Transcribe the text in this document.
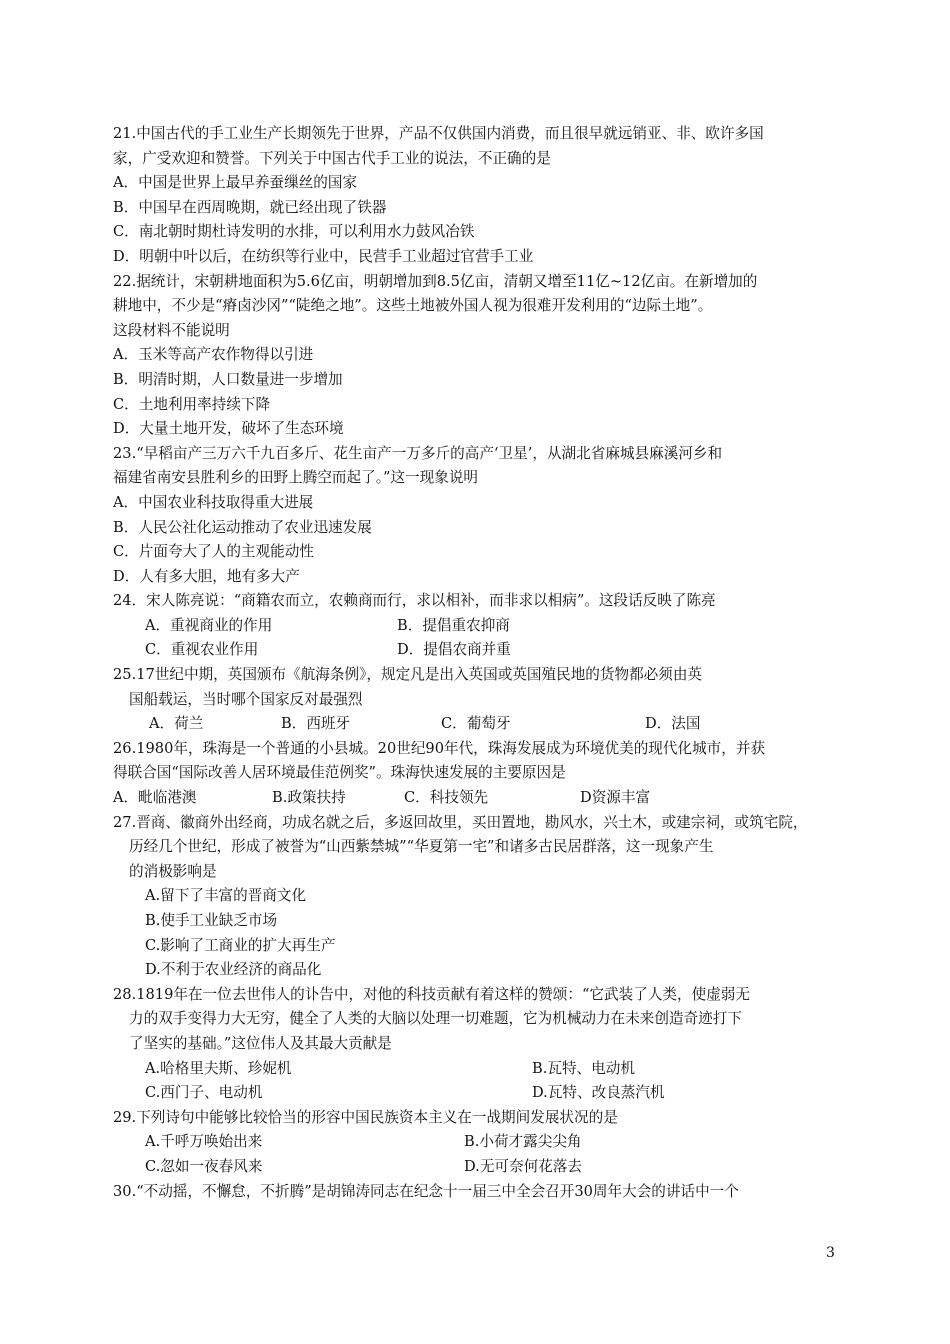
21.中国古代的手工业生产长期领先于世界，产品不仅供国内消费，而且很早就远销亚、非、欧许多国
家，广受欢迎和赞誉。下列关于中国古代手工业的说法，不正确的是
A．中国是世界上最早养蚕缫丝的国家
B．中国早在西周晚期，就已经出现了铁器
C．南北朝时期杜诗发明的水排，可以利用水力鼓风冶铁
D．明朝中叶以后，在纺织等行业中，民营手工业超过官营手工业
22.据统计，宋朝耕地面积为5.6亿亩，明朝增加到8.5亿亩，清朝又增至11亿~12亿亩。在新增加的
耕地中，不少是“瘠卤沙冈”“陡绝之地”。这些土地被外国人视为很难开发利用的“边际土地”。
这段材料不能说明
A．玉米等高产农作物得以引进
B．明清时期，人口数量进一步增加
C．土地利用率持续下降
D．大量土地开发，破坏了生态环境
23.“早稻亩产三万六千九百多斤、花生亩产一万多斤的高产‘卫星’，从湖北省麻城县麻溪河乡和
福建省南安县胜利乡的田野上腾空而起了。”这一现象说明
A．中国农业科技取得重大进展
B．人民公社化运动推动了农业迅速发展
C．片面夸大了人的主观能动性
D．人有多大胆，地有多大产
24．宋人陈亮说：“商籍农而立，农赖商而行，求以相补，而非求以相病”。这段话反映了陈亮
A．重视商业的作用	B．提倡重农抑商
C．重视农业作用	D．提倡农商并重
25.17世纪中期，英国颁布《航海条例》，规定凡是出入英国或英国殖民地的货物都必须由英
国船载运，当时哪个国家反对最强烈
A．荷兰	B．西班牙	C．葡萄牙	D．法国
26.1980年，珠海是一个普通的小县城。20世纪90年代，珠海发展成为环境优美的现代化城市，并获
得联合国“国际改善人居环境最佳范例奖”。珠海快速发展的主要原因是
A．毗临港澳	B.政策扶持	C．科技领先	D资源丰富
27.晋商、徽商外出经商，功成名就之后，多返回故里，买田置地，勘风水，兴土木，或建宗祠，或筑宅院，
历经几个世纪，形成了被誉为“山西紫禁城”“华夏第一宅”和诸多古民居群落，这一现象产生
的消极影响是
A.留下了丰富的晋商文化
B.使手工业缺乏市场
C.影响了工商业的扩大再生产
D.不利于农业经济的商品化
28.1819年在一位去世伟人的讣告中，对他的科技贡献有着这样的赞颂：“它武装了人类，使虚弱无
力的双手变得力大无穷，健全了人类的大脑以处理一切难题，它为机械动力在未来创造奇迹打下
了坚实的基础。”这位伟人及其最大贡献是
A.哈格里夫斯、珍妮机	B.瓦特、电动机
C.西门子、电动机	D.瓦特、改良蒸汽机
29.下列诗句中能够比较恰当的形容中国民族资本主义在一战期间发展状况的是
A.千呼万唤始出来	B.小荷才露尖尖角
C.忽如一夜春风来	D.无可奈何花落去
30.“不动摇，不懈怠，不折腾”是胡锦涛同志在纪念十一届三中全会召开30周年大会的讲话中一个
3
